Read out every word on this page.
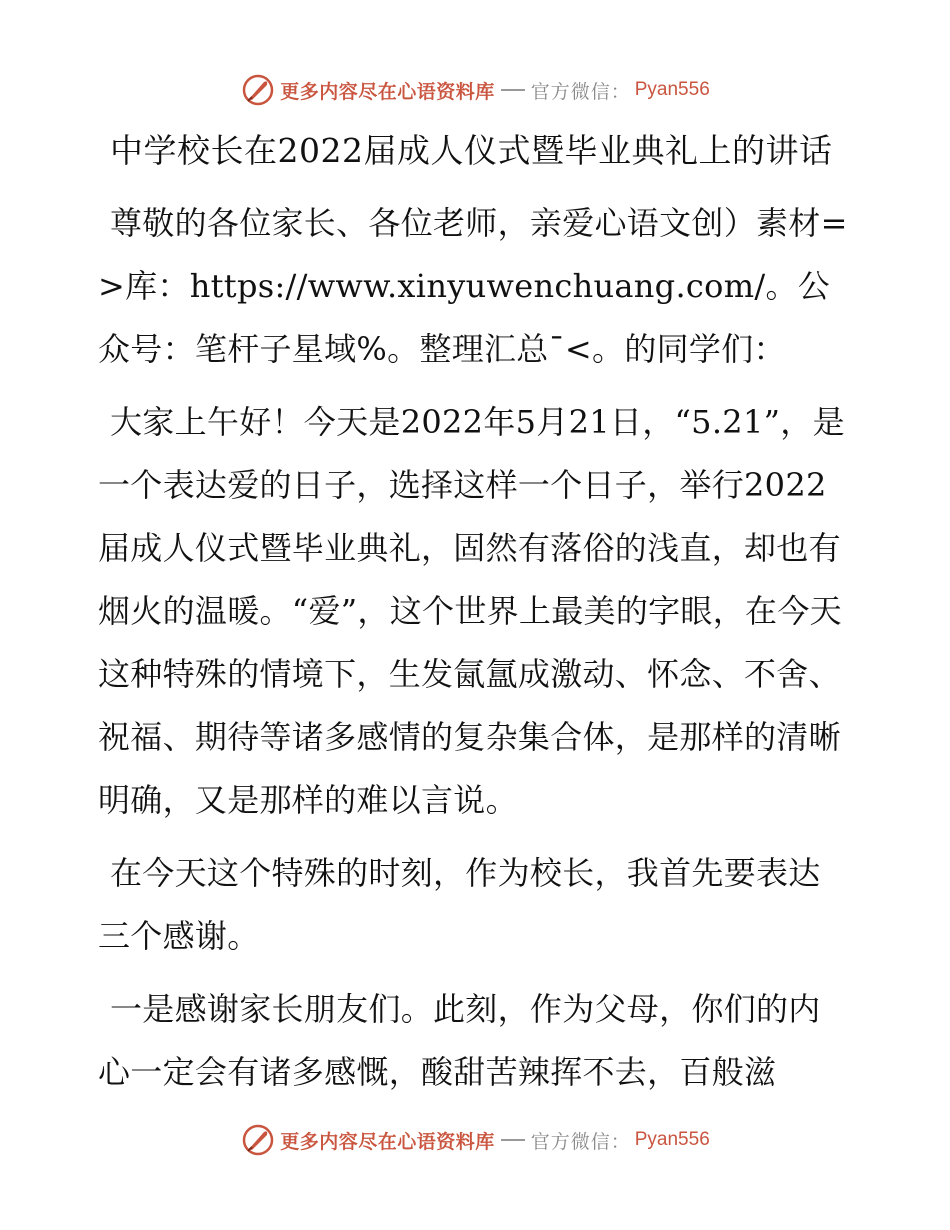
更多内容尽在心语资料库 官方微信： Pyan556
中学校长在2022届成人仪式暨毕业典礼上的讲话

尊敬的各位家长、各位老师，亲爱心语文创）素材=>库：https://www.xinyuwenchuang.com/。公众号：笔杆子星域%。整理汇总¯<。的同学们：

大家上午好！今天是2022年5月21日，“5.21”，是一个表达爱的日子，选择这样一个日子，举行2022届成人仪式暨毕业典礼，固然有落俗的浅直，却也有烟火的温暖。“爱”，这个世界上最美的字眼，在今天这种特殊的情境下，生发氤氲成激动、怀念、不舍、祝福、期待等诸多感情的复杂集合体，是那样的清晰明确，又是那样的难以言说。

在今天这个特殊的时刻，作为校长，我首先要表达三个感谢。

一是感谢家长朋友们。此刻，作为父母，你们的内心一定会有诸多感慨，酸甜苦辣挥不去，百般滋

更多内容尽在心语资料库 官方微信： Pyan556
